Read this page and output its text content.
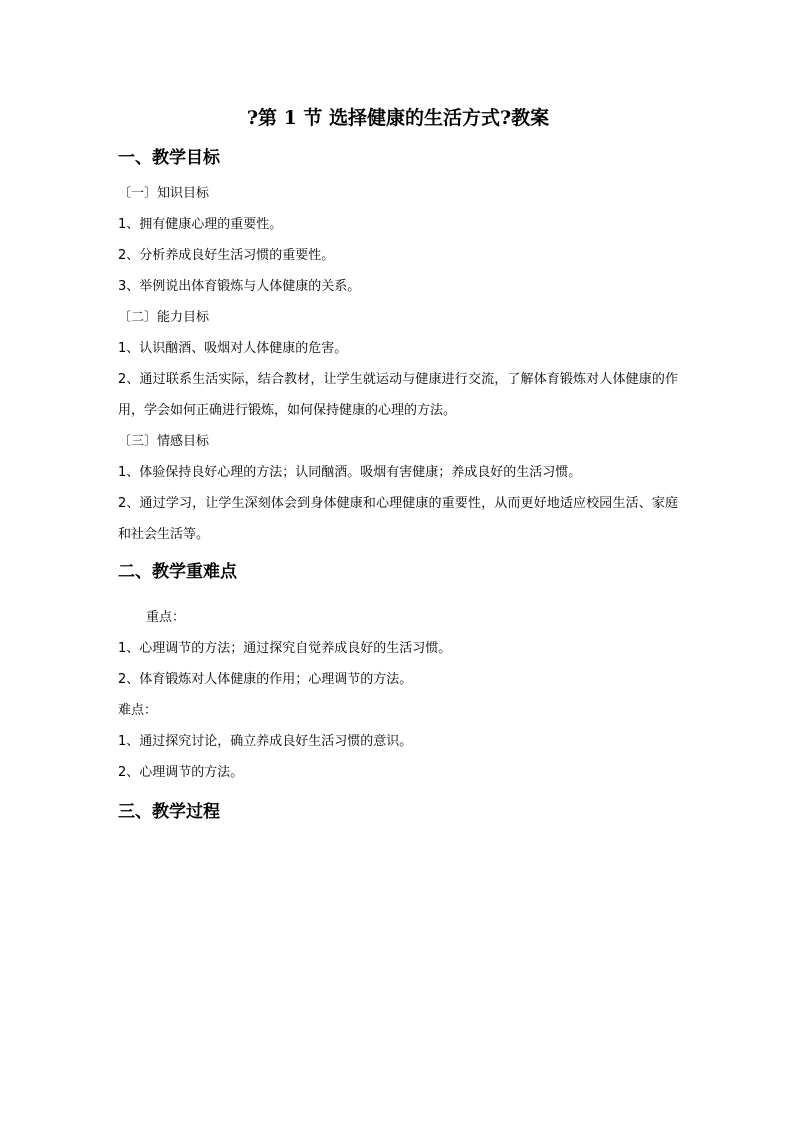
?第 1 节 选择健康的生活方式?教案
一、教学目标

〔一〕知识目标

1、拥有健康心理的重要性。

2、分析养成良好生活习惯的重要性。

3、举例说出体育锻炼与人体健康的关系。

〔二〕能力目标

1、认识酗酒、吸烟对人体健康的危害。

2、通过联系生活实际，结合教材，让学生就运动与健康进行交流，了解体育锻炼对人体健康的作用，学会如何正确进行锻炼，如何保持健康的心理的方法。

〔三〕情感目标

1、体验保持良好心理的方法；认同酗酒。吸烟有害健康；养成良好的生活习惯。

2、通过学习，让学生深刻体会到身体健康和心理健康的重要性，从而更好地适应校园生活、家庭和社会生活等。

二、教学重难点

重点：

1、心理调节的方法；通过探究自觉养成良好的生活习惯。

2、体育锻炼对人体健康的作用；心理调节的方法。

难点：

1、通过探究讨论，确立养成良好生活习惯的意识。

2、心理调节的方法。

三、教学过程
